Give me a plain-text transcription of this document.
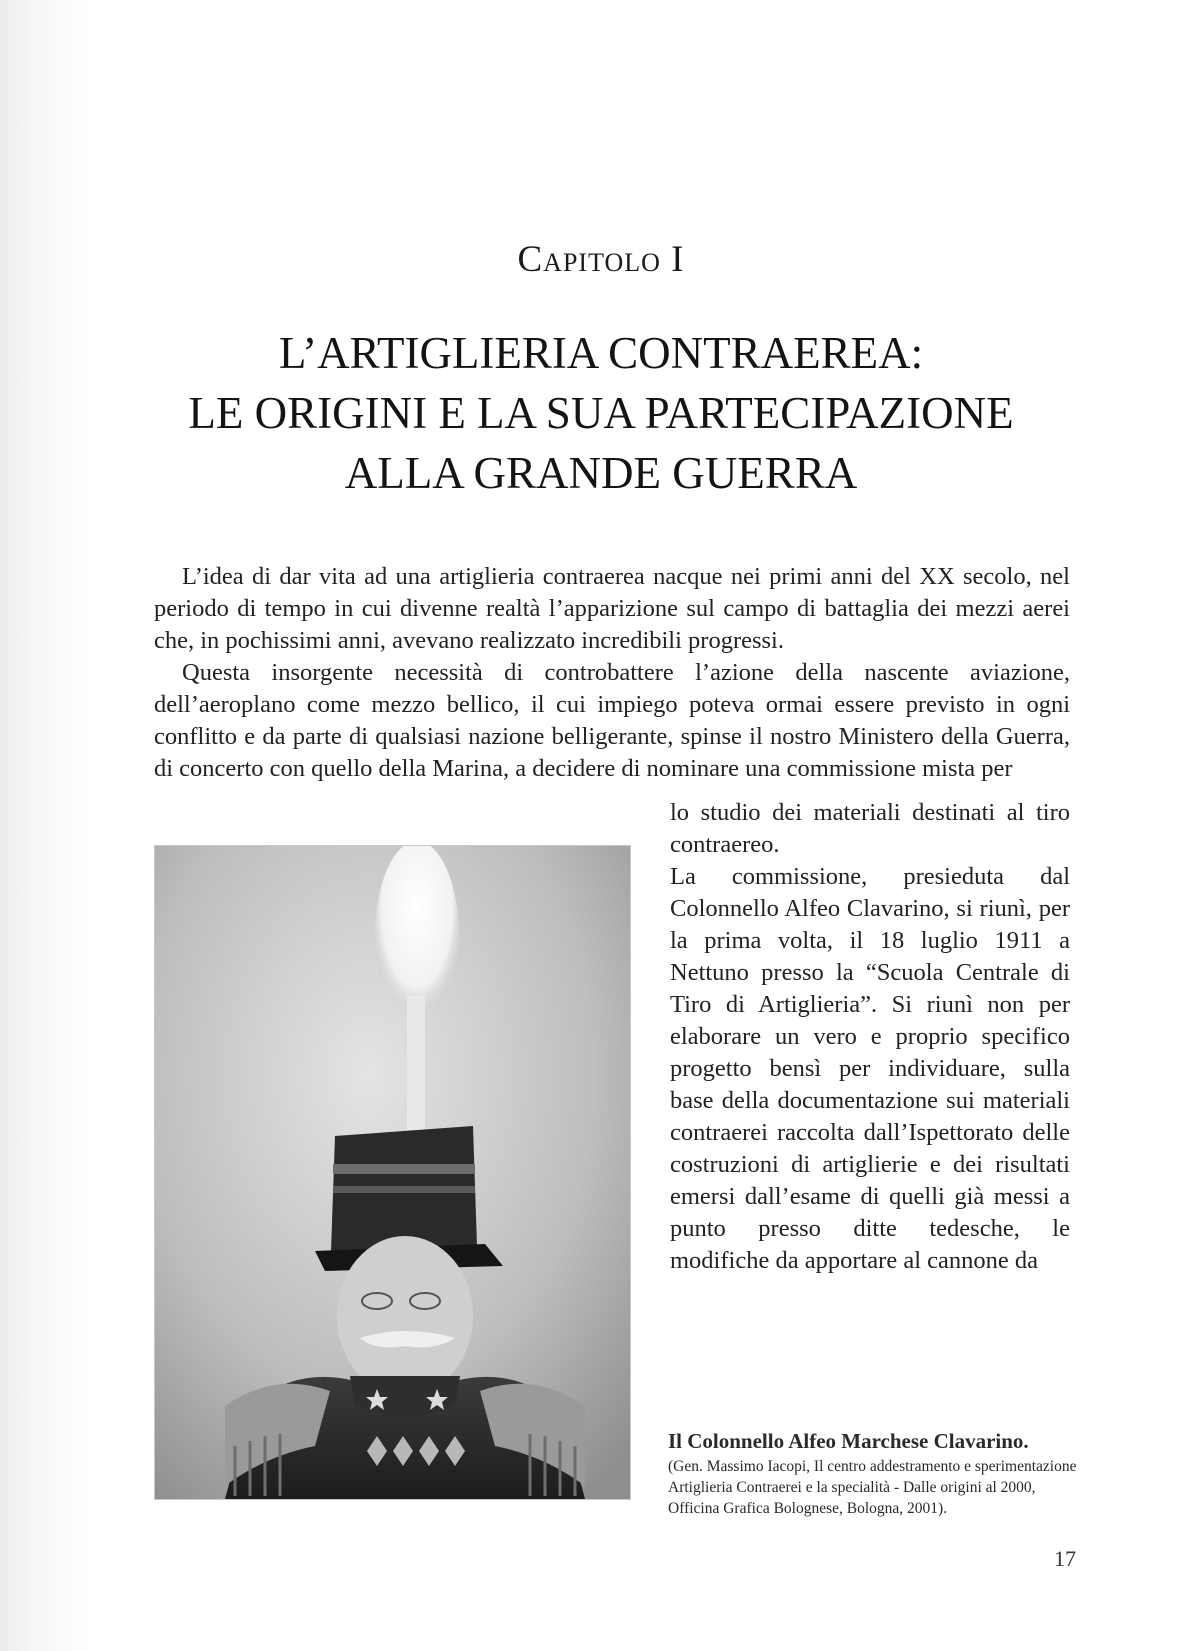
Capitolo I
L’ARTIGLIERIA CONTRAEREA:
LE ORIGINI E LA SUA PARTECIPAZIONE
ALLA GRANDE GUERRA

L’idea di dar vita ad una artiglieria contraerea nacque nei primi anni del XX secolo, nel periodo di tempo in cui divenne realtà l’apparizione sul campo di battaglia dei mezzi aerei che, in pochissimi anni, avevano realizzato incredibili progressi.

Questa insorgente necessità di controbattere l’azione della nascente aviazione, dell’aeroplano come mezzo bellico, il cui impiego poteva ormai essere previsto in ogni conflitto e da parte di qualsiasi nazione belligerante, spinse il nostro Ministero della Guerra, di concerto con quello della Marina, a decidere di nominare una commissione mista per

lo studio dei materiali destinati al tiro contraereo.

La commissione, presieduta dal Colonnello Alfeo Clavarino, si riunì, per la prima volta, il 18 luglio 1911 a Nettuno presso la “Scuola Centrale di Tiro di Artiglieria”. Si riunì non per elaborare un vero e proprio specifico progetto bensì per individuare, sulla base della documentazione sui materiali contraerei raccolta dall’Ispettorato delle costruzioni di artiglierie e dei risultati emersi dall’esame di quelli già messi a punto presso ditte tedesche, le modifiche da apportare al cannone da

Il Colonnello Alfeo Marchese Clavarino.
(Gen. Massimo Iacopi, Il centro addestramento e sperimentazione Artiglieria Contraerei e la specialità - Dalle origini al 2000, Officina Grafica Bolognese, Bologna, 2001).
17
